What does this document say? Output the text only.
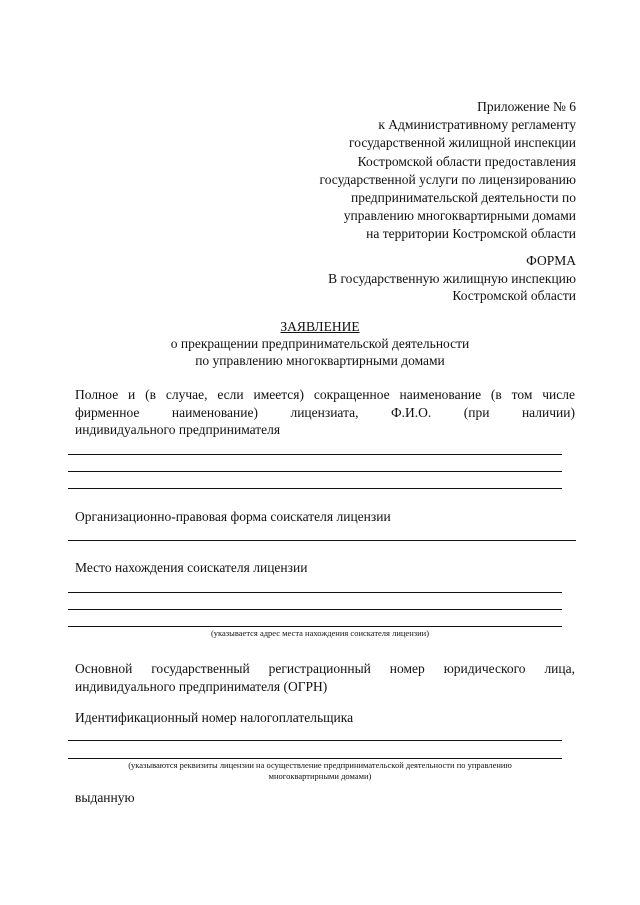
Приложение № 6
к Административному регламенту
государственной жилищной инспекции
Костромской области предоставления
государственной услуги по лицензированию
предпринимательской деятельности по
управлению многоквартирными домами
на территории Костромской области
ФОРМА
В государственную жилищную инспекцию
Костромской области
ЗАЯВЛЕНИЕ
о прекращении предпринимательской деятельности
по управлению многоквартирными домами
Полное и (в случае, если имеется) сокращенное наименование (в том числе
фирменное наименование) лицензиата, Ф.И.О. (при наличии)
индивидуального предпринимателя
Организационно-правовая форма соискателя лицензии
Место нахождения соискателя лицензии
(указывается адрес места нахождения соискателя лицензии)
Основной государственный регистрационный номер юридического лица,
индивидуального предпринимателя (ОГРН)
Идентификационный номер налогоплательщика
(указываются реквизиты лицензии на осуществление предпринимательской деятельности по управлению
многоквартирными домами)
выданную
